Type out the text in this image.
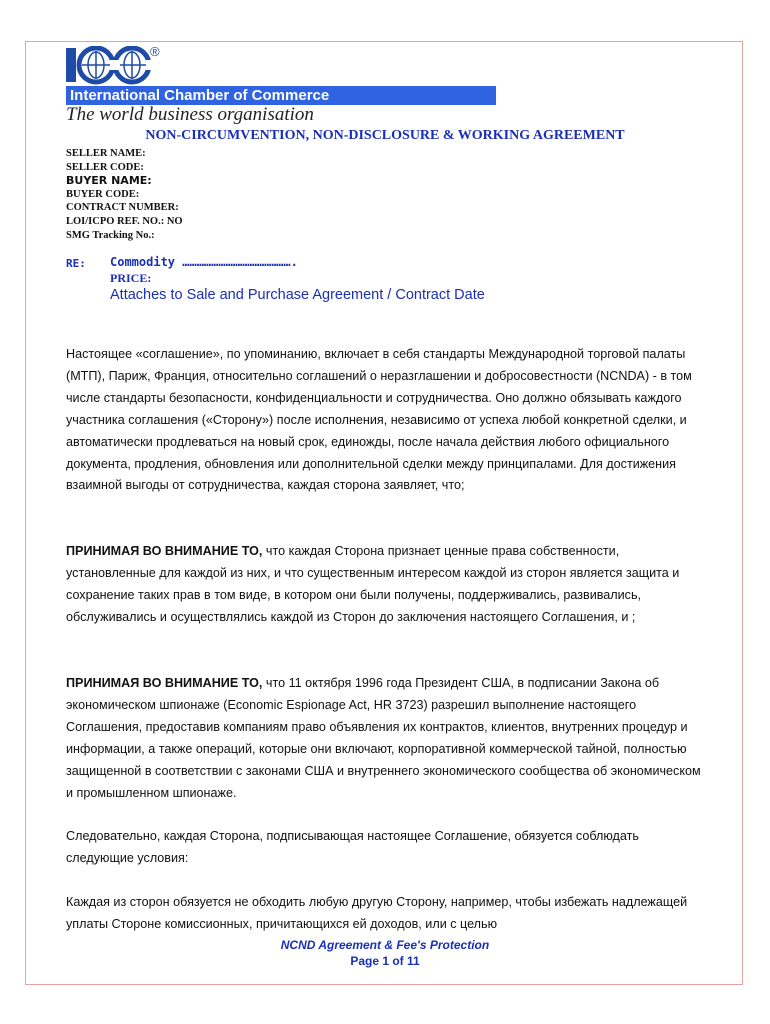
®
International Chamber of Commerce
The world business organisation
NON-CIRCUMVENTION, NON-DISCLOSURE & WORKING AGREEMENT
SELLER NAME:
SELLER CODE:
BUYER NAME:
BUYER CODE:
CONTRACT NUMBER:
LOI/ICPO REF. NO.: NO
SMG Tracking No.:
RE: Commodity ……………………………………….
PRICE:
Attaches to Sale and Purchase Agreement / Contract Date
Настоящее «соглашение», по упоминанию, включает в себя стандарты Международной торговой палаты (МТП), Париж, Франция, относительно соглашений о неразглашении и добросовестности (NCNDA) - в том числе стандарты безопасности, конфиденциальности и сотрудничества. Оно должно обязывать каждого участника соглашения («Сторону») после исполнения, независимо от успеха любой конкретной сделки, и автоматически продлеваться на новый срок, единожды, после начала действия любого официального документа, продления, обновления или дополнительной сделки между принципалами. Для достижения взаимной выгоды от сотрудничества, каждая сторона заявляет, что;
ПРИНИМАЯ ВО ВНИМАНИЕ ТО, что каждая Сторона признает ценные права собственности, установленные для каждой из них, и что существенным интересом каждой из сторон является защита и сохранение таких прав в том виде, в котором они были получены, поддерживались, развивались, обслуживались и осуществлялись каждой из Сторон до заключения настоящего Соглашения, и ;
ПРИНИМАЯ ВО ВНИМАНИЕ ТО, что 11 октября 1996 года Президент США, в подписании Закона об экономическом шпионаже (Economic Espionage Act, HR 3723) разрешил выполнение настоящего Соглашения, предоставив компаниям право объявления их контрактов, клиентов, внутренних процедур и информации, а также операций, которые они включают, корпоративной коммерческой тайной, полностью защищенной в соответствии с законами США и внутреннего экономического сообщества об экономическом и промышленном шпионаже.
Следовательно, каждая Сторона, подписывающая настоящее Соглашение, обязуется соблюдать следующие условия:
Каждая из сторон обязуется не обходить любую другую Сторону, например, чтобы избежать надлежащей уплаты Стороне комиссионных, причитающихся ей доходов, или с целью
NCND Agreement & Fee's Protection
Page 1 of 11
